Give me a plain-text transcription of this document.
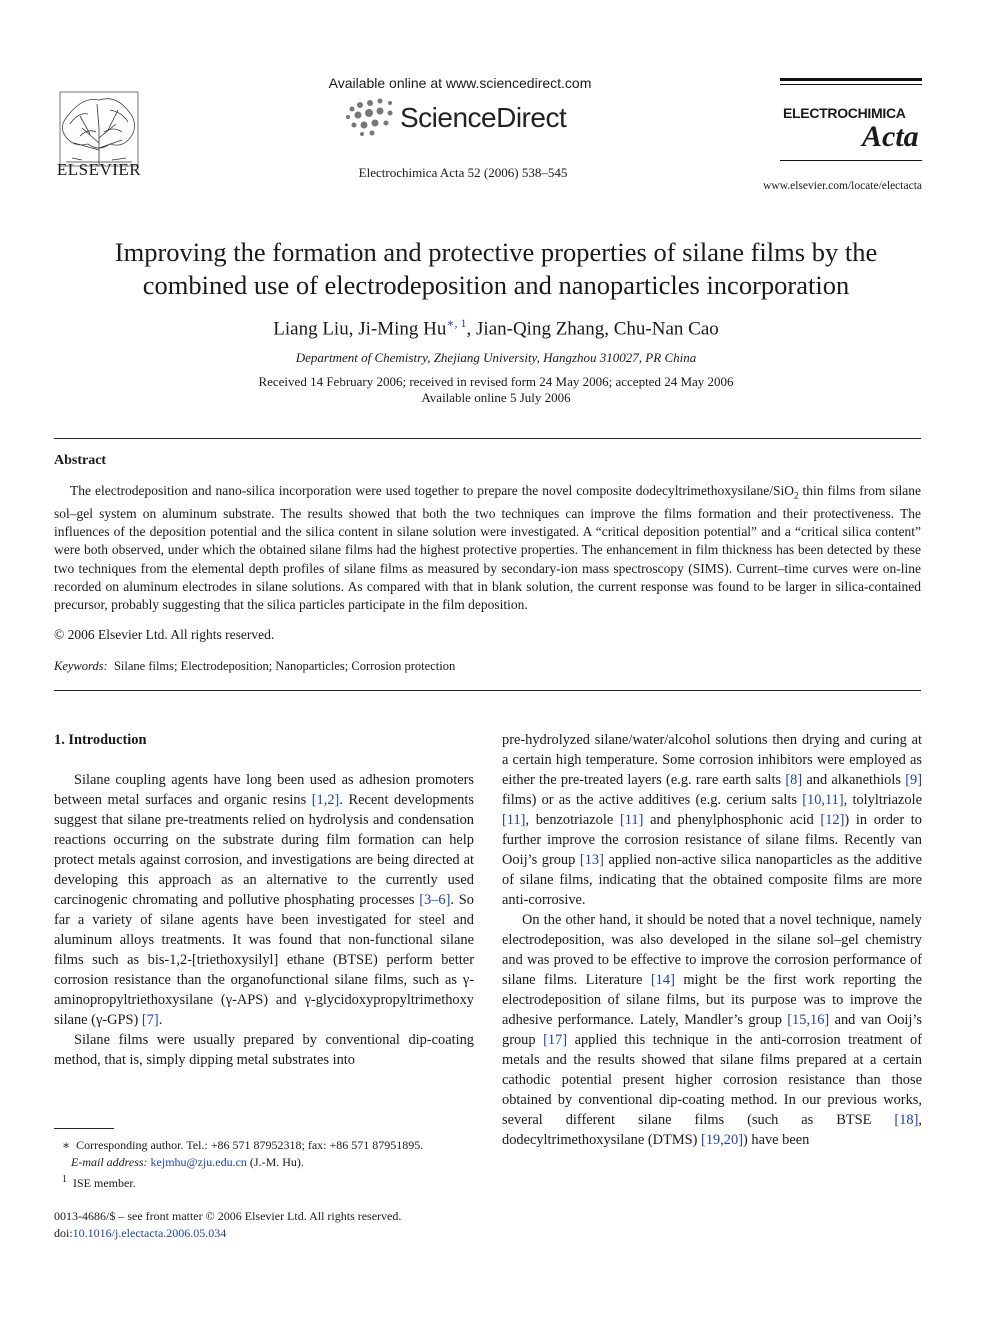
ELSEVIER
Available online at www.sciencedirect.com
ScienceDirect
Electrochimica Acta 52 (2006) 538–545
ELECTROCHIMICA
Acta
www.elsevier.com/locate/electacta
Improving the formation and protective properties of silane films by the combined use of electrodeposition and nanoparticles incorporation
Liang Liu, Ji-Ming $Hu^{∗, 1}$, Jian-Qing Zhang, Chu-Nan Cao
Department of Chemistry, Zhejiang University, Hangzhou 310027, PR China
Received 14 February 2006; received in revised form 24 May 2006; accepted 24 May 2006
Available online 5 July 2006
Abstract
The electrodeposition and nano-silica incorporation were used together to prepare the novel composite dodecyltrimethoxysilane/SiO$_2$ thin films from silane sol–gel system on aluminum substrate. The results showed that both the two techniques can improve the films formation and their protectiveness. The influences of the deposition potential and the silica content in silane solution were investigated. A “critical deposition potential” and a “critical silica content” were both observed, under which the obtained silane films had the highest protective properties. The enhancement in film thickness has been detected by these two techniques from the elemental depth profiles of silane films as measured by secondary-ion mass spectroscopy (SIMS). Current–time curves were on-line recorded on aluminum electrodes in silane solutions. As compared with that in blank solution, the current response was found to be larger in silica-contained precursor, probably suggesting that the silica particles participate in the film deposition.
© 2006 Elsevier Ltd. All rights reserved.
Keywords: Silane films; Electrodeposition; Nanoparticles; Corrosion protection
1. Introduction

Silane coupling agents have long been used as adhesion promoters between metal surfaces and organic resins [1,2]. Recent developments suggest that silane pre-treatments relied on hydrolysis and condensation reactions occurring on the substrate during film formation can help protect metals against corrosion, and investigations are being directed at developing this approach as an alternative to the currently used carcinogenic chromating and pollutive phosphating processes [3–6]. So far a variety of silane agents have been investigated for steel and aluminum alloys treatments. It was found that non-functional silane films such as bis-1,2-[triethoxysilyl] ethane (BTSE) perform better corrosion resistance than the organofunctional silane films, such as γ-aminopropyltriethoxysilane (γ-APS) and γ-glycidoxypropyltrimethoxy silane (γ-GPS) [7].

Silane films were usually prepared by conventional dip-coating method, that is, simply dipping metal substrates into

pre-hydrolyzed silane/water/alcohol solutions then drying and curing at a certain high temperature. Some corrosion inhibitors were employed as either the pre-treated layers (e.g. rare earth salts [8] and alkanethiols [9] films) or as the active additives (e.g. cerium salts [10,11], tolyltriazole [11], benzotriazole [11] and phenylphosphonic acid [12]) in order to further improve the corrosion resistance of silane films. Recently van Ooij’s group [13] applied non-active silica nanoparticles as the additive of silane films, indicating that the obtained composite films are more anti-corrosive.

On the other hand, it should be noted that a novel technique, namely electrodeposition, was also developed in the silane sol–gel chemistry and was proved to be effective to improve the corrosion performance of silane films. Literature [14] might be the first work reporting the electrodeposition of silane films, but its purpose was to improve the adhesive performance. Lately, Mandler’s group [15,16] and van Ooij’s group [17] applied this technique in the anti-corrosion treatment of metals and the results showed that silane films prepared at a certain cathodic potential present higher corrosion resistance than those obtained by conventional dip-coating method. In our previous works, several different silane films (such as BTSE [18], dodecyltrimethoxysilane (DTMS) [19,20]) have been

∗ Corresponding author. Tel.: +86 571 87952318; fax: +86 571 87951895.
E-mail address: kejmhu@zju.edu.cn (J.-M. Hu).
$^1$ ISE member.
0013-4686/$ – see front matter © 2006 Elsevier Ltd. All rights reserved.
doi:10.1016/j.electacta.2006.05.034
